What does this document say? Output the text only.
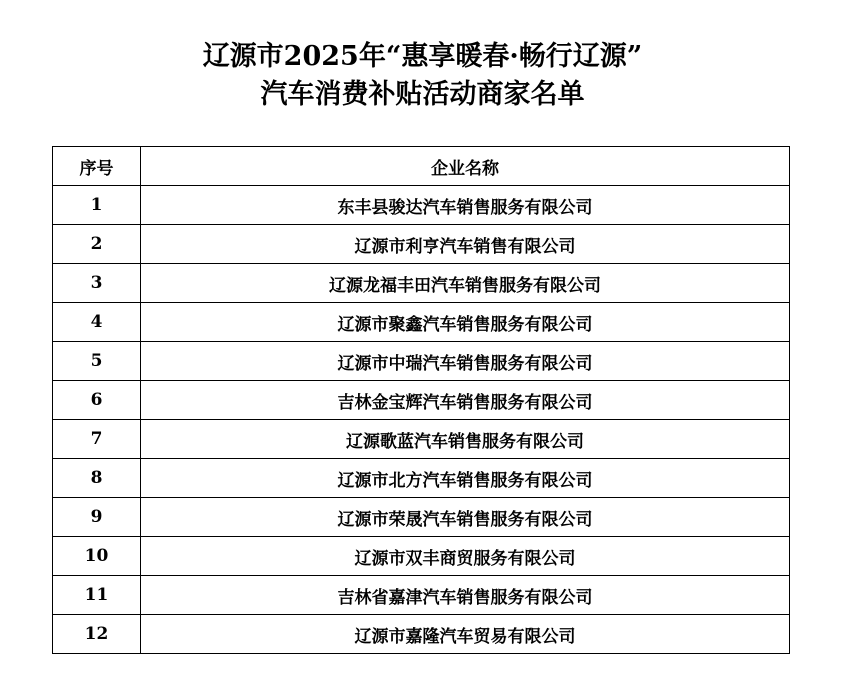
辽源市2025年“惠享暖春·畅行辽源”
汽车消费补贴活动商家名单
序号	企业名称
1	东丰县骏达汽车销售服务有限公司
2	辽源市利亨汽车销售有限公司
3	辽源龙福丰田汽车销售服务有限公司
4	辽源市聚鑫汽车销售服务有限公司
5	辽源市中瑞汽车销售服务有限公司
6	吉林金宝辉汽车销售服务有限公司
7	辽源歌蓝汽车销售服务有限公司
8	辽源市北方汽车销售服务有限公司
9	辽源市荣晟汽车销售服务有限公司
10	辽源市双丰商贸服务有限公司
11	吉林省嘉津汽车销售服务有限公司
12	辽源市嘉隆汽车贸易有限公司
